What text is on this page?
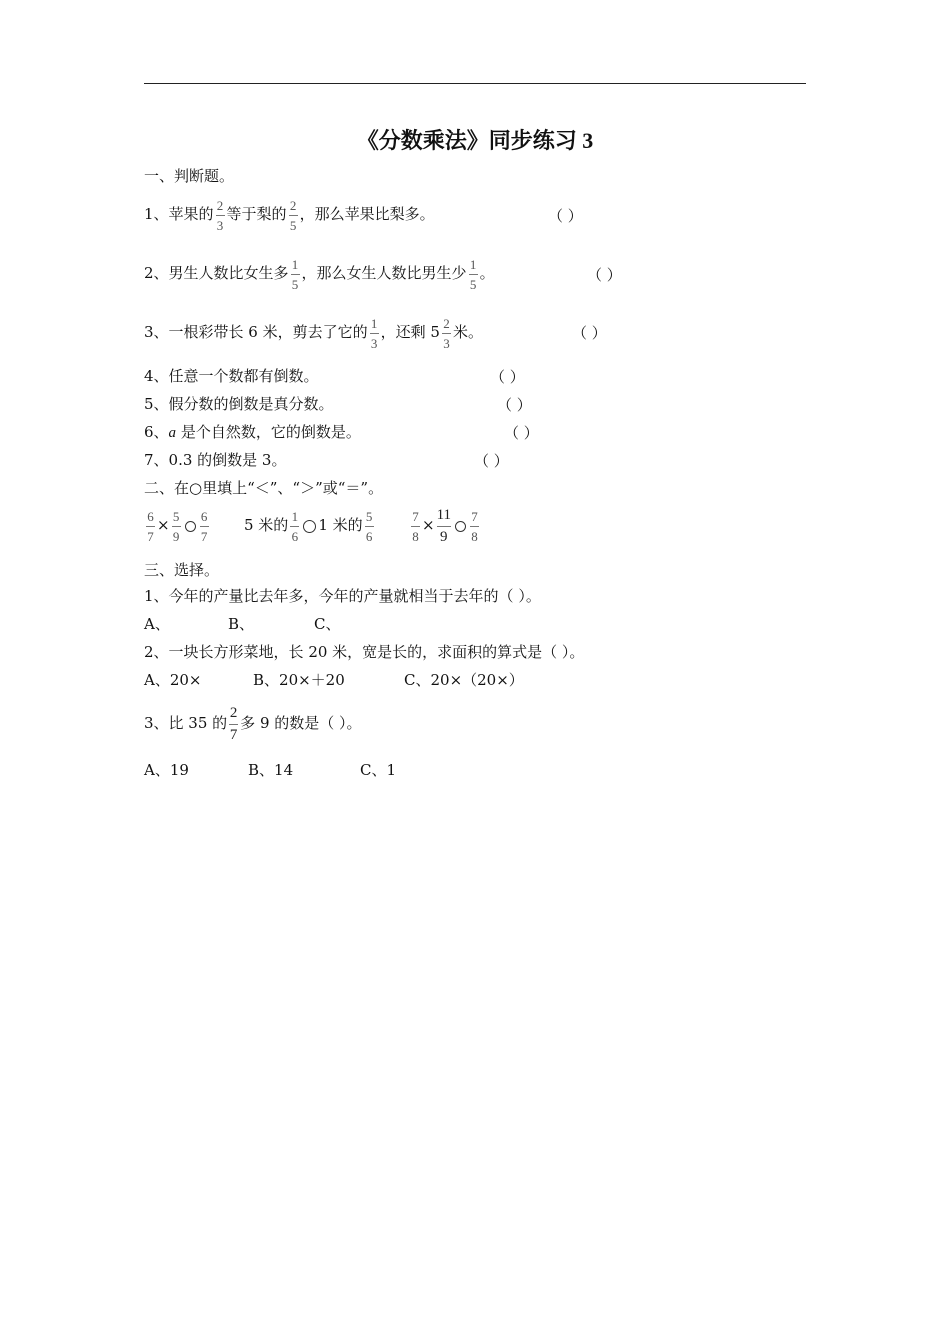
《分数乘法》同步练习 3
一、判断题。
1、苹果的 $\frac{2}{3}$ 等于梨的 $\frac{2}{5}$ ，那么苹果比梨多。	（ ）
2、男生人数比女生多 $\frac{1}{5}$ ，那么女生人数比男生少 $\frac{1}{5}$ 。	（ ）
3、一根彩带长 6 米，剪去了它的 $\frac{1}{3}$ ，还剩 $5 \frac{2}{3}$ 米。	（ ）
4、任意一个数都有倒数。	（ ）
5、假分数的倒数是真分数。	（ ）
6、a 是个自然数，它的倒数是。	（ ）
7、0.3 的倒数是 3。	（ ）
二、在○里填上“＜”、“＞”或“＝”。
$\frac{6}{7} \times \frac{5}{9} \frac{6}{7} 5$ 米的 $\frac{1}{6} 1$ 米的 $\frac{5}{6}$	$\frac{7}{8} \times \frac{11}{9} \frac{7}{8}$
三、选择。
1、今年的产量比去年多，今年的产量就相当于去年的（ ）。
A、	B、	C、
2、一块长方形菜地，长 20 米，宽是长的，求面积的算式是（ ）。
A、20×	B、20×＋20	C、20×（20×）
3、比 35 的 $\frac{2}{7}$ 多 9 的数是（ ）。
A、19	B、14	C、1
